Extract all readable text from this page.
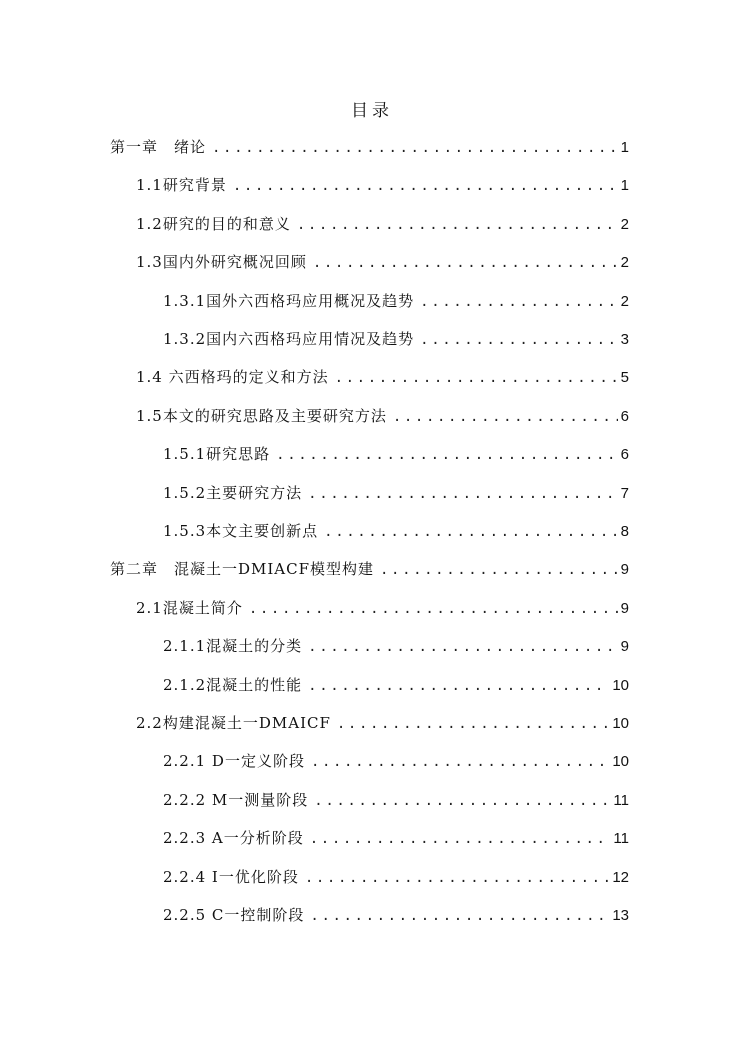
目录
第一章　绪论 .....	1
1.1研究背景 .....	1
1.2研究的目的和意义 .....	2
1.3国内外研究概况回顾 .....	2
1.3.1国外六西格玛应用概况及趋势 .....	2
1.3.2国内六西格玛应用情况及趋势 .....	3
1.4 六西格玛的定义和方法 .....	5
1.5本文的研究思路及主要研究方法 .....	6
1.5.1研究思路 .....	6
1.5.2主要研究方法 .....	7
1.5.3本文主要创新点 .....	8
第二章　混凝土一DMIACF模型构建 .....	9
2.1混凝土简介 .....	9
2.1.1混凝土的分类 .....	9
2.1.2混凝土的性能 .....	10
2.2构建混凝土一DMAICF .....	10
2.2.1 D一定义阶段 .....	10
2.2.2 M一测量阶段 .....	11
2.2.3 A一分析阶段 .....	11
2.2.4 I一优化阶段 .....	12
2.2.5 C一控制阶段 .....	13
